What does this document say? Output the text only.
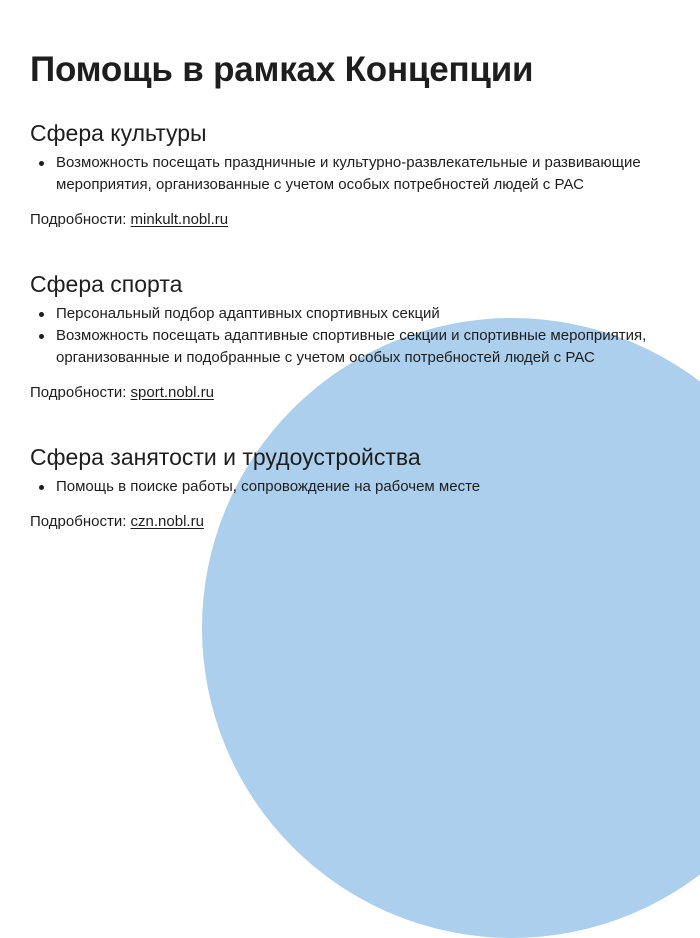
Помощь в рамках Концепции
Сфера культуры
Возможность посещать праздничные и культурно-развлекательные и развивающие мероприятия, организованные с учетом особых потребностей людей с РАС
Подробности: minkult.nobl.ru
Сфера спорта
Персональный подбор адаптивных спортивных секций
Возможность посещать адаптивные спортивные секции и спортивные мероприятия, организованные и подобранные с учетом особых потребностей людей с РАС
Подробности: sport.nobl.ru
Сфера занятости и трудоустройства
Помощь в поиске работы, сопровождение на рабочем месте
Подробности: czn.nobl.ru
